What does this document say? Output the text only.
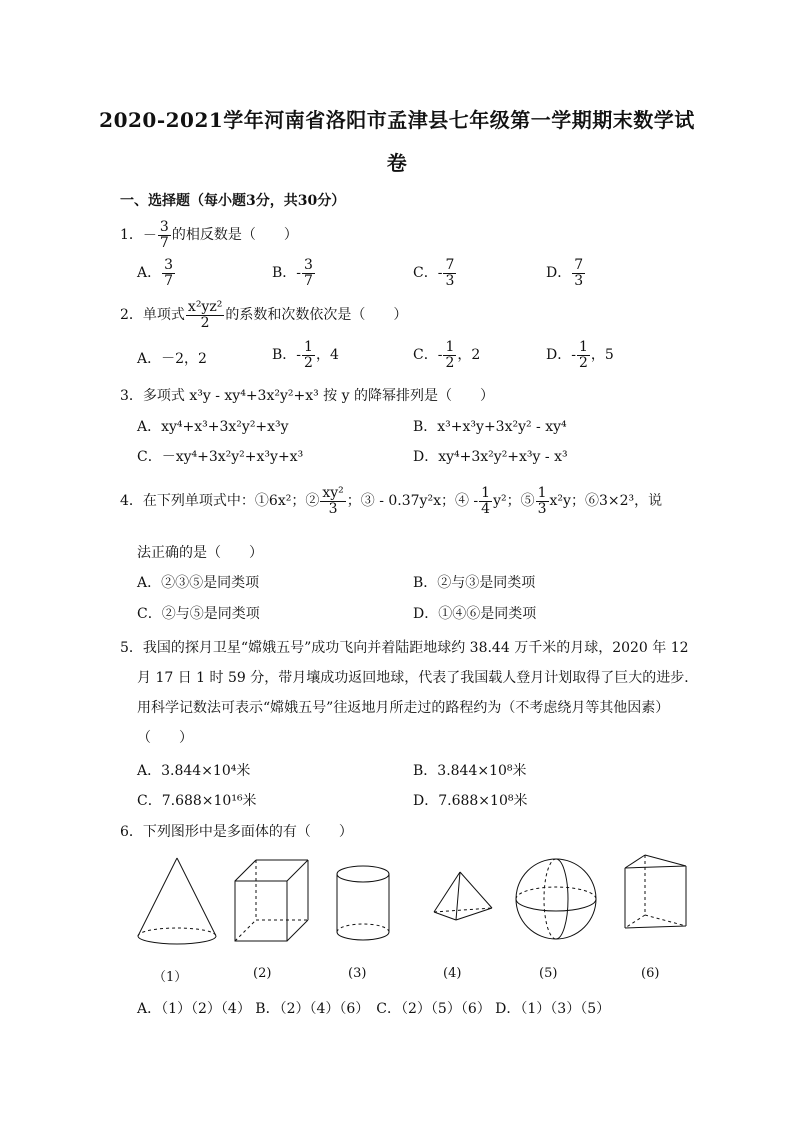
2020-2021学年河南省洛阳市孟津县七年级第一学期期末数学试
卷
一、选择题（每小题3分，共30分）
1．－ $\frac{3}{7}$ 的相反数是（　　）
A． $\frac{3}{7}$	B．- $\frac{3}{7}$	C．- $\frac{7}{3}$	D． $\frac{7}{3}$
2．单项式 $\frac{\text{x²yz²}}{2}$ 的系数和次数依次是（　　）
A．－2，2	B．- $\frac{1}{2}$ ，4	C．- $\frac{1}{2}$ ，2	D．- $\frac{1}{2}$ ，5
3．多项式 x³y - xy⁴+3x²y²+x³ 按 y 的降幂排列是（　　）
A．xy⁴+x³+3x²y²+x³y	B．x³+x³y+3x²y² - xy⁴
C．－xy⁴+3x²y²+x³y+x³	D．xy⁴+3x²y²+x³y - x³
4．在下列单项式中：①6x²；② $\frac{\text{xy²}}{3}$ ；③ - 0.37y²x；④ - $\frac{1}{4} y^2$；⑤ $\frac{1}{3} x^2y$；⑥3×2³，说
法正确的是（　　）
A．②③⑤是同类项	B．②与③是同类项
C．②与⑤是同类项	D．①④⑥是同类项
5．我国的探月卫星“嫦娥五号”成功飞向并着陆距地球约 38.44 万千米的月球，2020 年 12
月 17 日 1 时 59 分，带月壤成功返回地球，代表了我国载人登月计划取得了巨大的进步．
用科学记数法可表示“嫦娥五号”往返地月所走过的路程约为（不考虑绕月等其他因素）
（　　）
A．3.844×10⁴米	B．3.844×10⁸米
C．7.688×10¹⁶米	D．7.688×10⁸米
6．下列图形中是多面体的有（　　）
（1）	(2)	(3)	(4)	(5)	(6)
A．（1）（2）（4） B．（2）（4）（6）　C．（2）（5）（6） D．（1）（3）（5）
